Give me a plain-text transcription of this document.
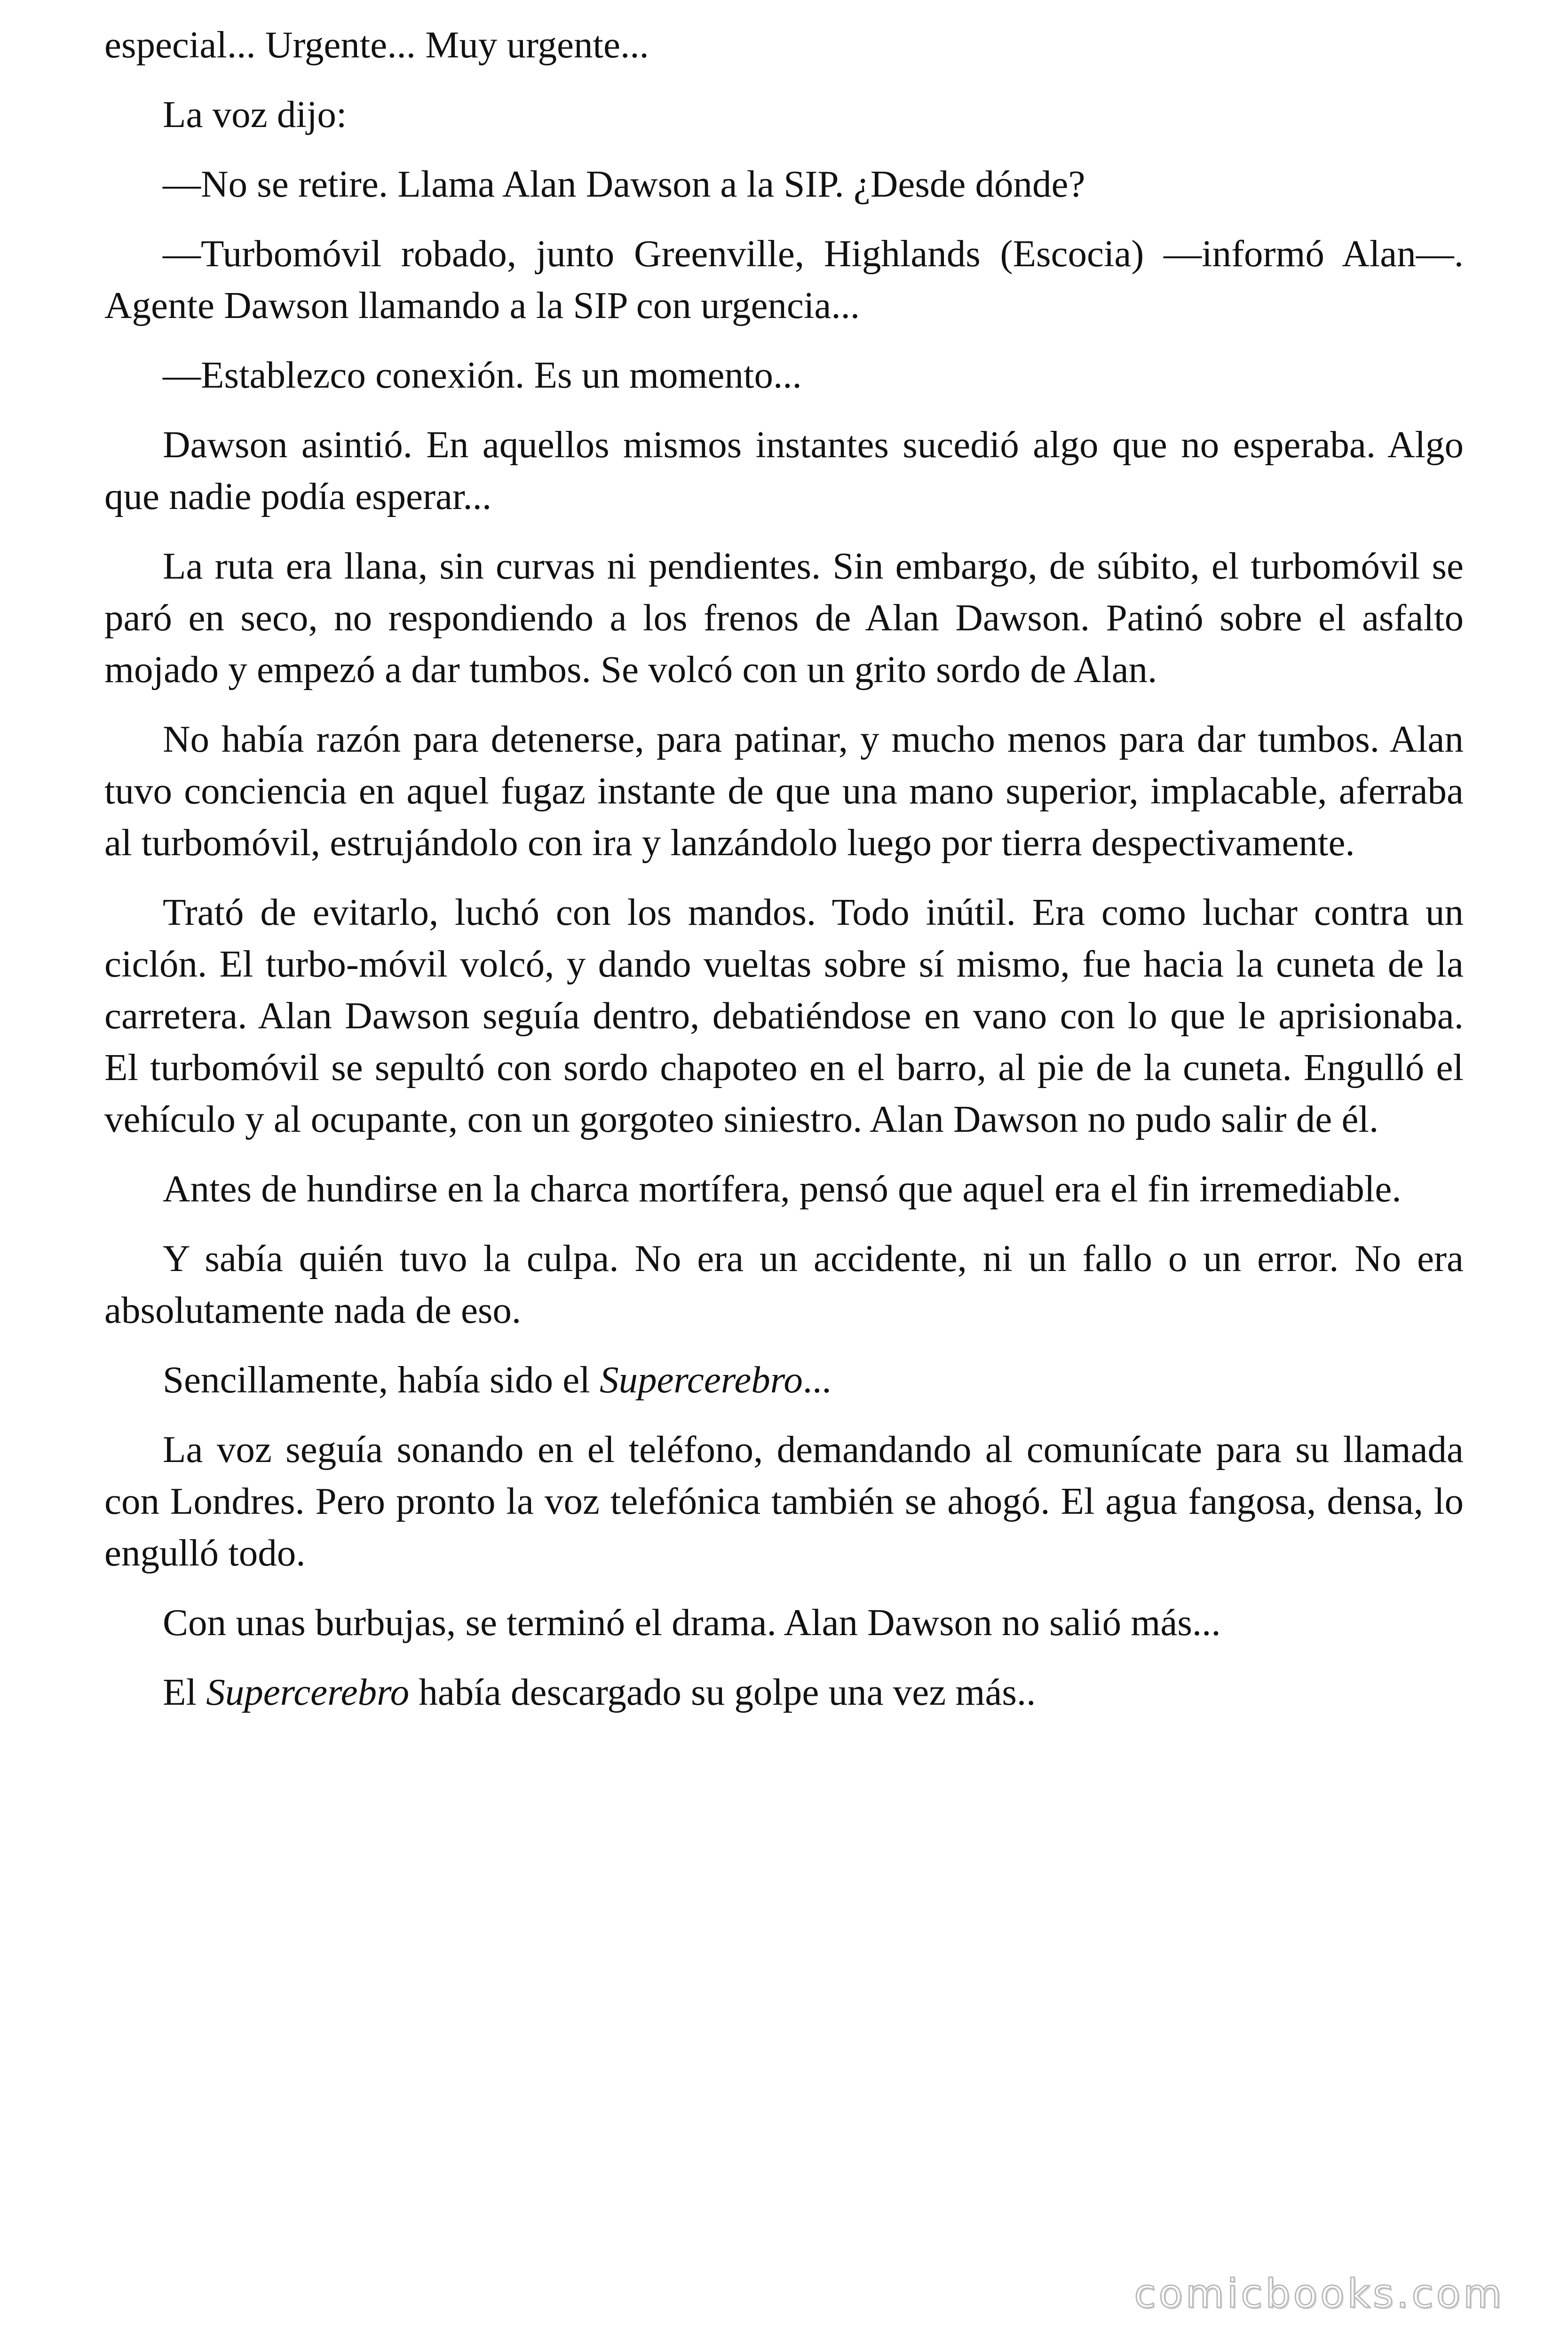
especial... Urgente... Muy urgente...

La voz dijo:

—No se retire. Llama Alan Dawson a la SIP. ¿Desde dónde?

—Turbomóvil robado, junto Greenville, Highlands (Escocia) —informó Alan—. Agente Dawson llamando a la SIP con urgencia...

—Establezco conexión. Es un momento...

Dawson asintió. En aquellos mismos instantes sucedió algo que no esperaba. Algo que nadie podía esperar...

La ruta era llana, sin curvas ni pendientes. Sin embargo, de súbito, el turbomóvil se paró en seco, no respondiendo a los frenos de Alan Dawson. Patinó sobre el asfalto mojado y empezó a dar tumbos. Se volcó con un grito sordo de Alan.

No había razón para detenerse, para patinar, y mucho menos para dar tumbos. Alan tuvo conciencia en aquel fugaz instante de que una mano superior, implacable, aferraba al turbomóvil, estrujándolo con ira y lanzándolo luego por tierra despectivamente.

Trató de evitarlo, luchó con los mandos. Todo inútil. Era como luchar contra un ciclón. El turbo-móvil volcó, y dando vueltas sobre sí mismo, fue hacia la cuneta de la carretera. Alan Dawson seguía dentro, debatiéndose en vano con lo que le aprisionaba. El turbomóvil se sepultó con sordo chapoteo en el barro, al pie de la cuneta. Engulló el vehículo y al ocupante, con un gorgoteo siniestro. Alan Dawson no pudo salir de él.

Antes de hundirse en la charca mortífera, pensó que aquel era el fin irremediable.

Y sabía quién tuvo la culpa. No era un accidente, ni un fallo o un error. No era absolutamente nada de eso.

Sencillamente, había sido el Supercerebro...

La voz seguía sonando en el teléfono, demandando al comunícate para su llamada con Londres. Pero pronto la voz telefónica también se ahogó. El agua fangosa, densa, lo engulló todo.

Con unas burbujas, se terminó el drama. Alan Dawson no salió más...

El Supercerebro había descargado su golpe una vez más..

comicbooks.com
